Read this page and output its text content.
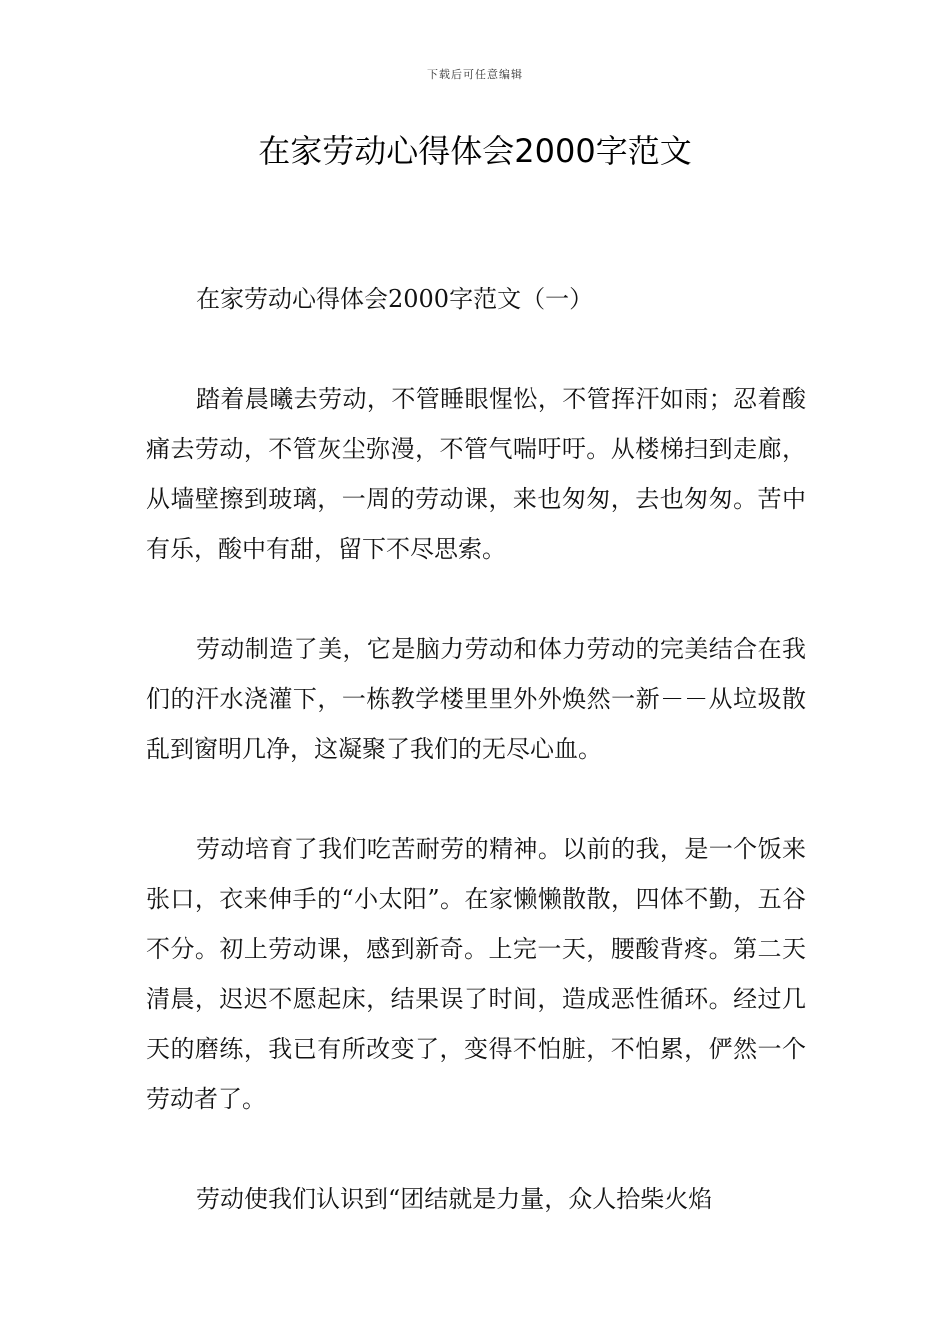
下载后可任意编辑
在家劳动心得体会2000字范文
在家劳动心得体会2000字范文（一）

踏着晨曦去劳动，不管睡眼惺忪，不管挥汗如雨；忍着酸痛去劳动，不管灰尘弥漫，不管气喘吁吁。从楼梯扫到走廊，从墙壁擦到玻璃，一周的劳动课，来也匆匆，去也匆匆。苦中有乐，酸中有甜，留下不尽思索。

劳动制造了美，它是脑力劳动和体力劳动的完美结合在我们的汗水浇灌下，一栋教学楼里里外外焕然一新－－从垃圾散乱到窗明几净，这凝聚了我们的无尽心血。

劳动培育了我们吃苦耐劳的精神。以前的我，是一个饭来张口，衣来伸手的“小太阳”。在家懒懒散散，四体不勤，五谷不分。初上劳动课，感到新奇。上完一天，腰酸背疼。第二天清晨，迟迟不愿起床，结果误了时间，造成恶性循环。经过几天的磨练，我已有所改变了，变得不怕脏，不怕累，俨然一个劳动者了。

劳动使我们认识到“团结就是力量，众人拾柴火焰
